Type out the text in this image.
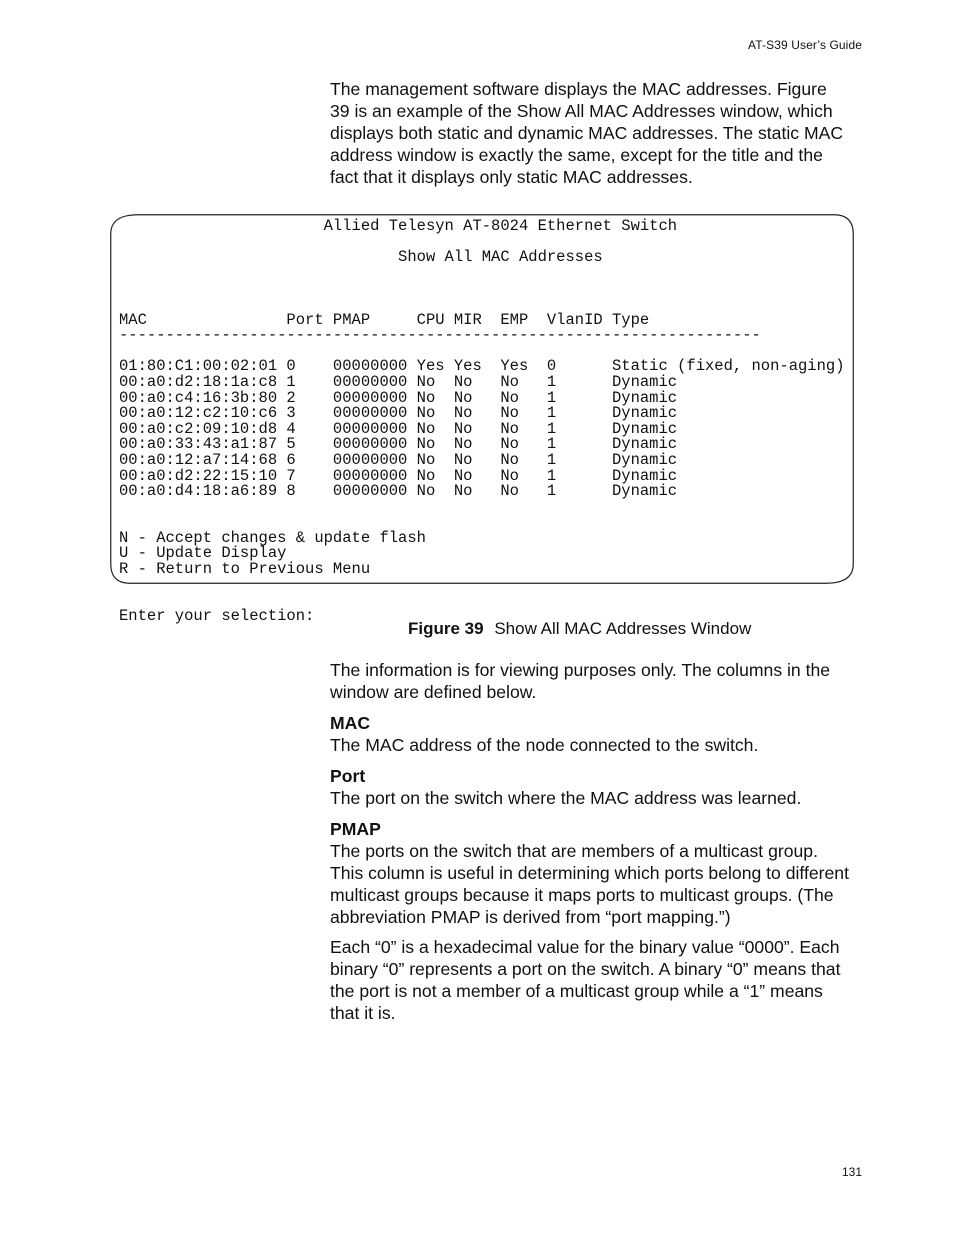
AT-S39 User’s Guide

The management software displays the MAC addresses. Figure 39 is an example of the Show All MAC Addresses window, which displays both static and dynamic MAC addresses. The static MAC address window is exactly the same, except for the title and the fact that it displays only static MAC addresses.

Allied Telesyn AT-8024 Ethernet Switch
Show All MAC Addresses
MAC               Port PMAP     CPU MIR  EMP  VlanID Type
---------------------------------------------------------------------
01:80:C1:00:02:01 0    00000000 Yes Yes  Yes  0      Static (fixed, non-aging)
00:a0:d2:18:1a:c8 1    00000000 No  No   No   1      Dynamic
00:a0:c4:16:3b:80 2    00000000 No  No   No   1      Dynamic
00:a0:12:c2:10:c6 3    00000000 No  No   No   1      Dynamic
00:a0:c2:09:10:d8 4    00000000 No  No   No   1      Dynamic
00:a0:33:43:a1:87 5    00000000 No  No   No   1      Dynamic
00:a0:12:a7:14:68 6    00000000 No  No   No   1      Dynamic
00:a0:d2:22:15:10 7    00000000 No  No   No   1      Dynamic
00:a0:d4:18:a6:89 8    00000000 No  No   No   1      Dynamic
N - Accept changes & update flash
U - Update Display
R - Return to Previous Menu
Enter your selection:
Figure 39 Show All MAC Addresses Window

The information is for viewing purposes only. The columns in the window are defined below.

MAC

The MAC address of the node connected to the switch.

Port

The port on the switch where the MAC address was learned.

PMAP

The ports on the switch that are members of a multicast group. This column is useful in determining which ports belong to different multicast groups because it maps ports to multicast groups. (The abbreviation PMAP is derived from “port mapping.”)

Each “0” is a hexadecimal value for the binary value “0000”. Each binary “0” represents a port on the switch. A binary “0” means that the port is not a member of a multicast group while a “1” means that it is.

131
